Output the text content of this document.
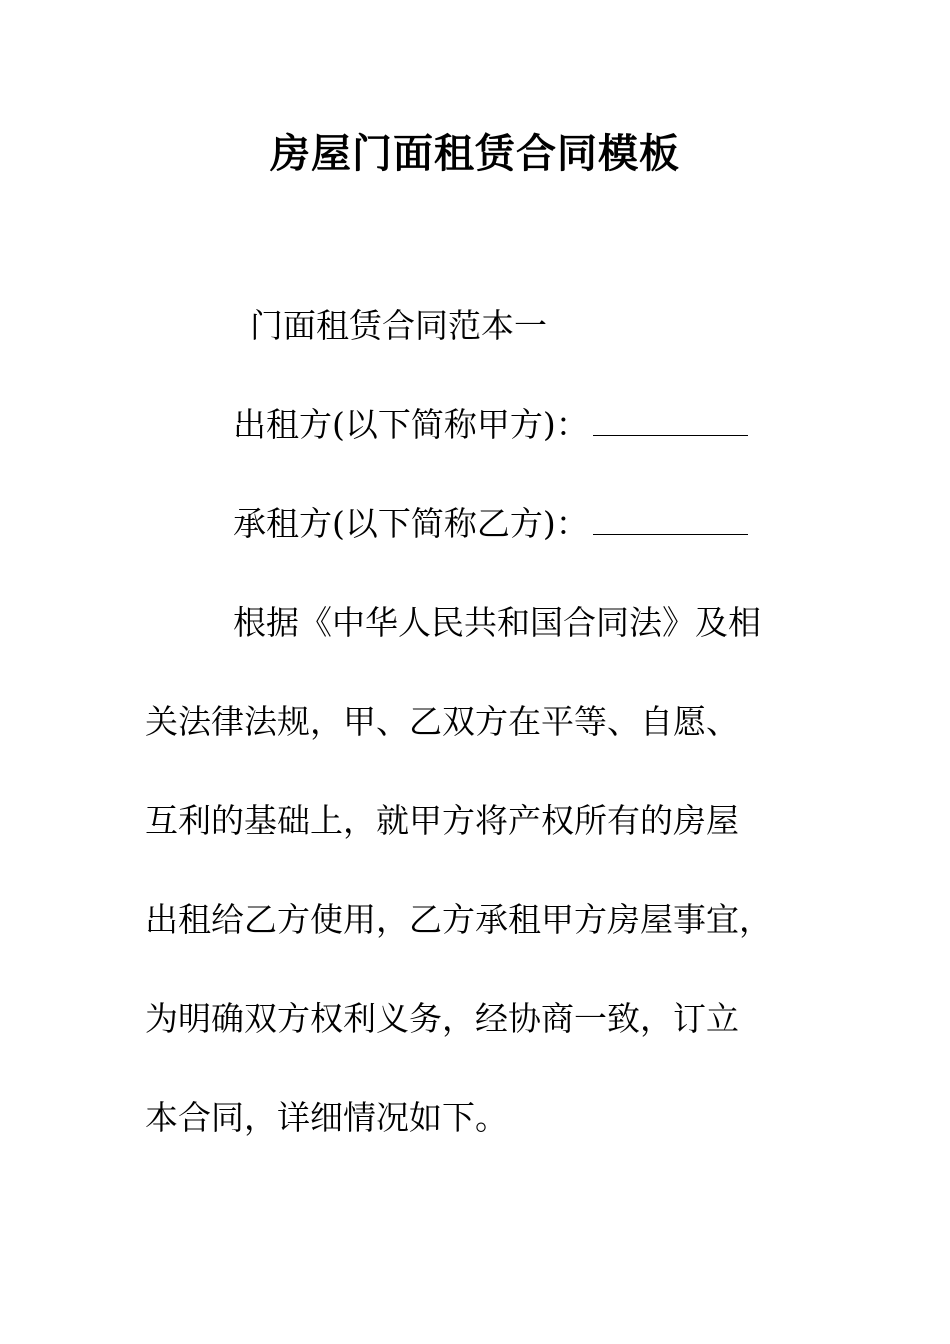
房屋门面租赁合同模板
门面租赁合同范本一
出租方(以下简称甲方)：
承租方(以下简称乙方)：
根据《中华人民共和国合同法》及相
关法律法规，甲、乙双方在平等、自愿、
互利的基础上，就甲方将产权所有的房屋
出租给乙方使用，乙方承租甲方房屋事宜，
为明确双方权利义务，经协商一致，订立
本合同，详细情况如下。
